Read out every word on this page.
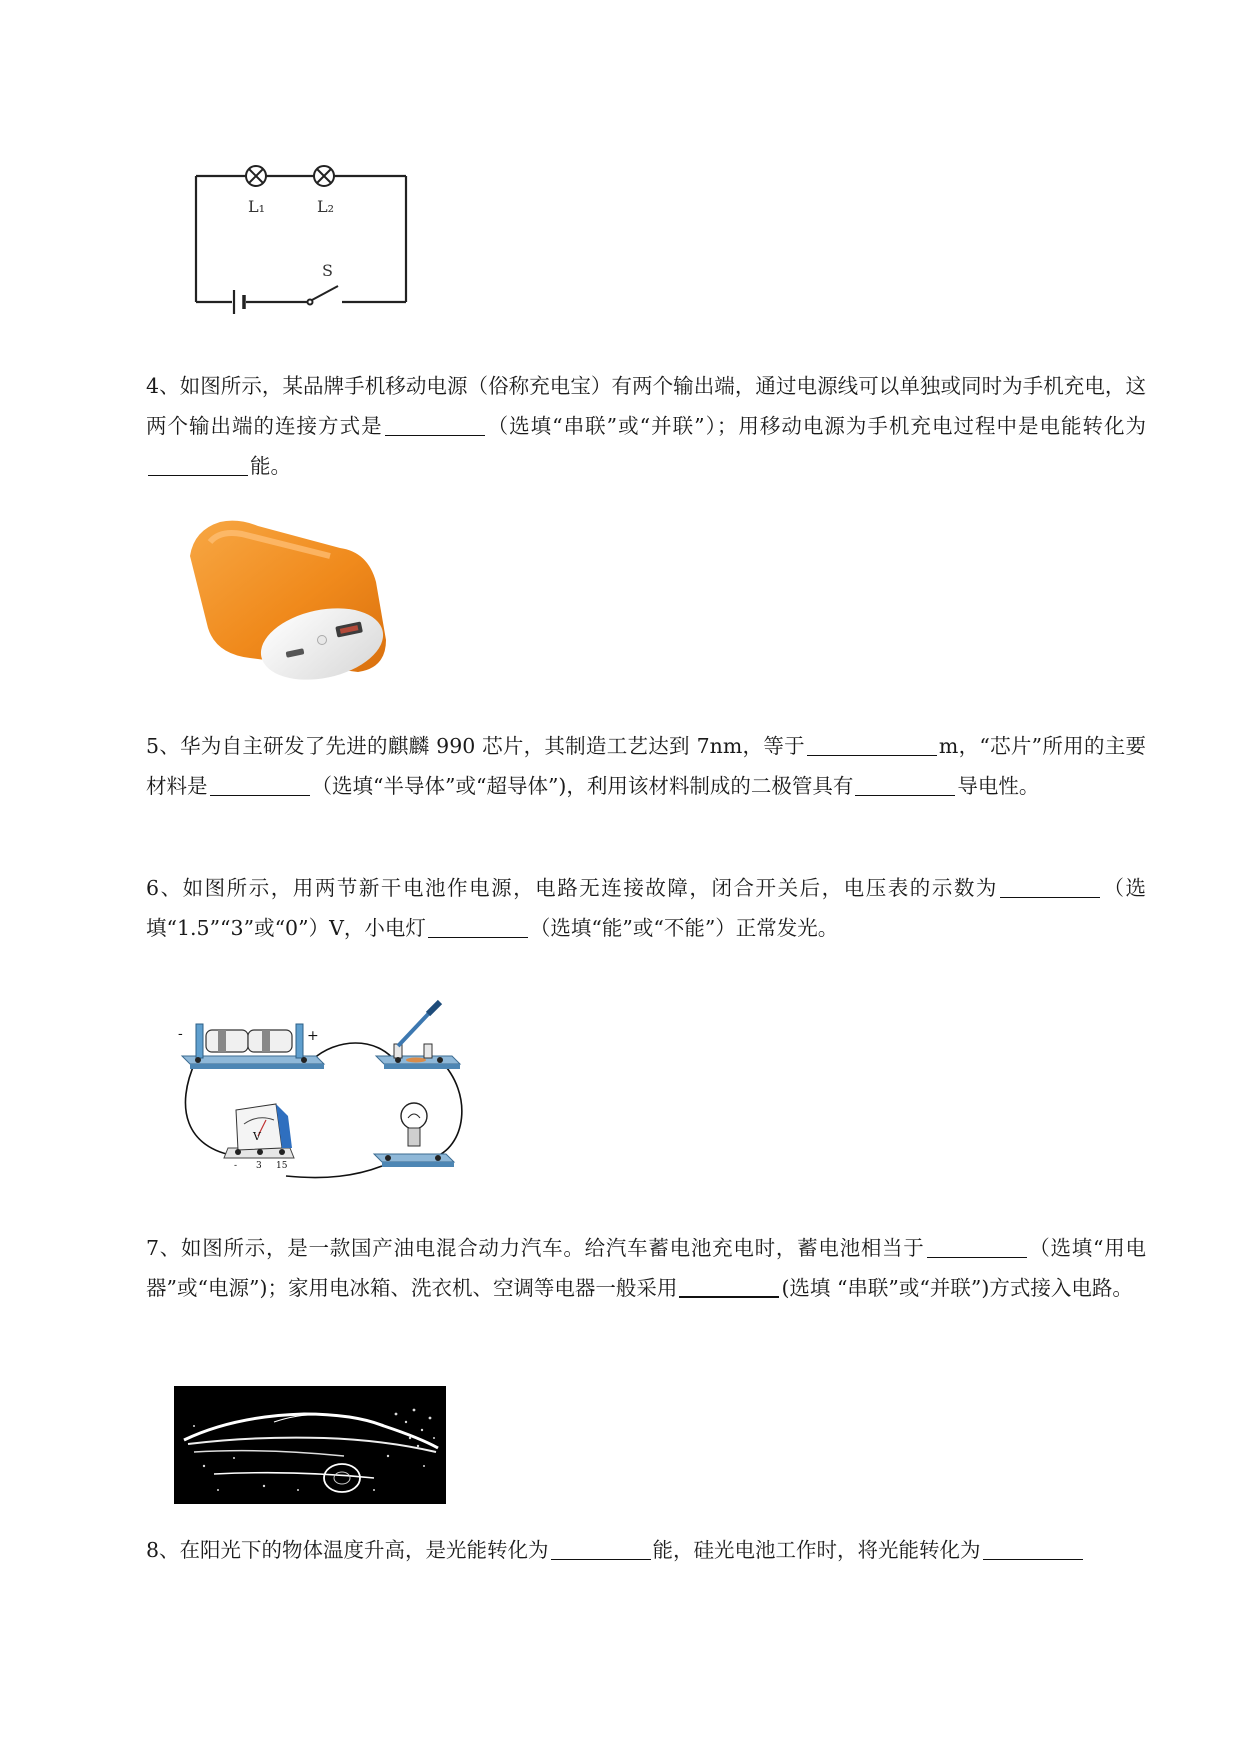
L₁	L₂
S

4、如图所示，某品牌手机移动电源（俗称充电宝）有两个输出端，通过电源线可以单独或同时为手机充电，这两个输出端的连接方式是	（选填“串联”或“并联”）；用移动电源为手机充电过程中是电能转化为能。

5、华为自主研发了先进的麒麟 990 芯片，其制造工艺达到 7nm，等于	m，“芯片”所用的主要材料是	（选填“半导体”或“超导体”)，利用该材料制成的二极管具有	导电性。

6、如图所示，用两节新干电池作电源，电路无连接故障，闭合开关后，电压表的示数为	（选填“1.5”“3”或“0”）V，小电灯	（选填“能”或“不能”）正常发光。

-	+
V
- 3 15

7、如图所示，是一款国产油电混合动力汽车。给汽车蓄电池充电时，蓄电池相当于	（选填“用电器”或“电源”)；家用电冰箱、洗衣机、空调等电器一般采用	(选填 “串联”或“并联”)方式接入电路。

8、在阳光下的物体温度升高，是光能转化为	能，硅光电池工作时，将光能转化为
